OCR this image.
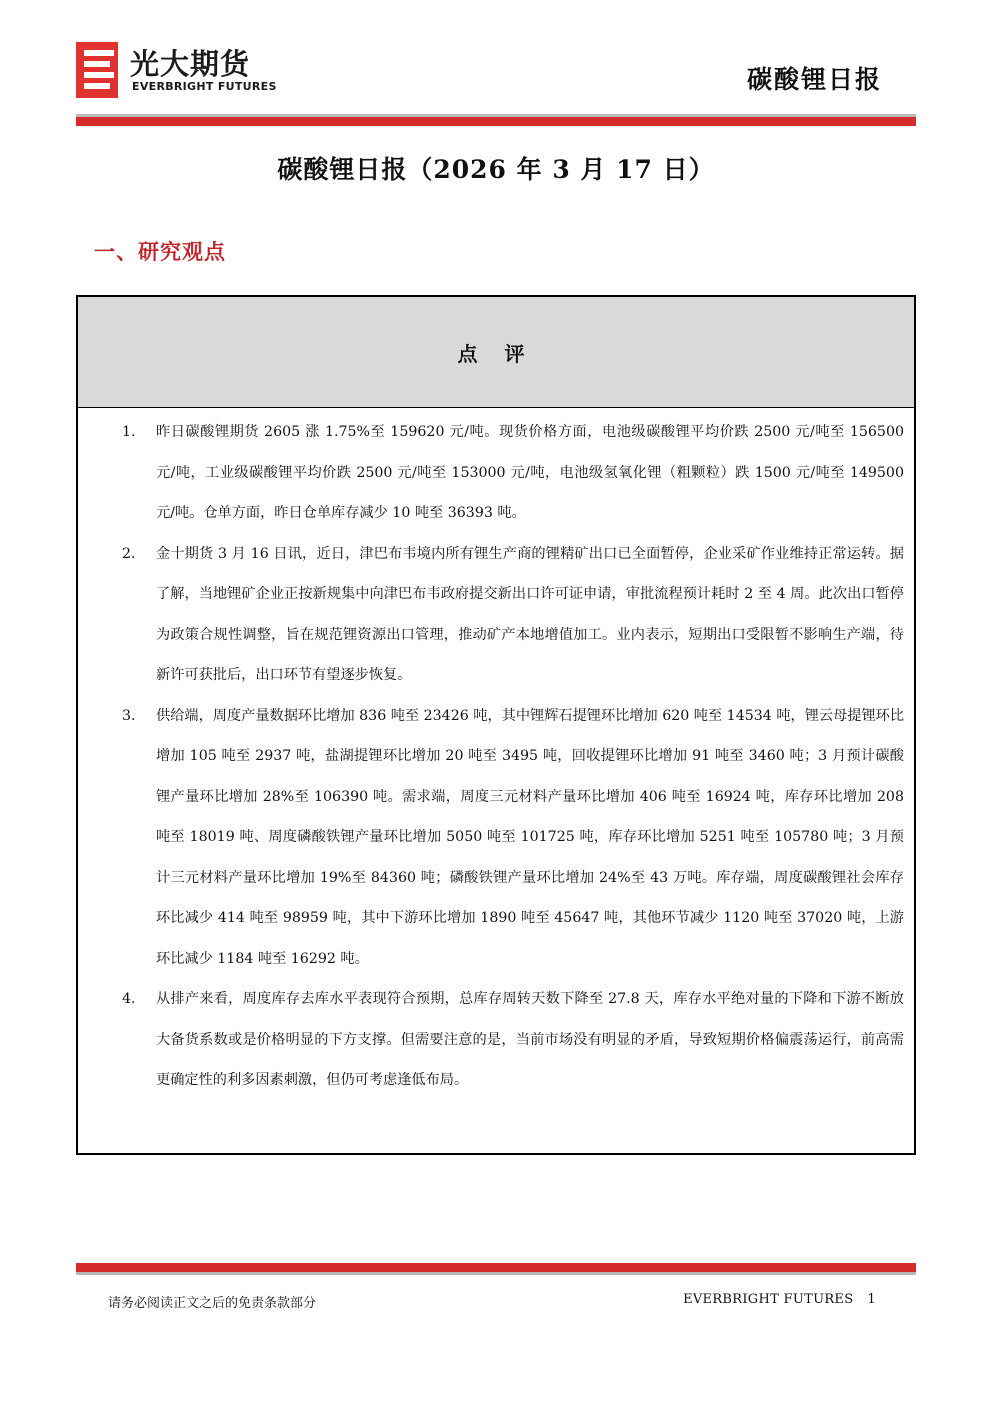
光大期货
EVERBRIGHT FUTURES	碳酸锂日报
碳酸锂日报（2026 年 3 月 17 日）
一、研究观点
点 评
1. 昨日碳酸锂期货 2605 涨 1.75%至 159620 元/吨。现货价格方面，电池级碳酸锂平均价跌 2500 元/吨至 156500 元/吨，工业级碳酸锂平均价跌 2500 元/吨至 153000 元/吨，电池级氢氧化锂（粗颗粒）跌 1500 元/吨至 149500 元/吨。仓单方面，昨日仓单库存减少 10 吨至 36393 吨。
2. 金十期货 3 月 16 日讯，近日，津巴布韦境内所有锂生产商的锂精矿出口已全面暂停，企业采矿作业维持正常运转。据了解，当地锂矿企业正按新规集中向津巴布韦政府提交新出口许可证申请，审批流程预计耗时 2 至 4 周。此次出口暂停为政策合规性调整，旨在规范锂资源出口管理，推动矿产本地增值加工。业内表示，短期出口受限暂不影响生产端，待新许可获批后，出口环节有望逐步恢复。
3. 供给端，周度产量数据环比增加 836 吨至 23426 吨，其中锂辉石提锂环比增加 620 吨至 14534 吨，锂云母提锂环比增加 105 吨至 2937 吨，盐湖提锂环比增加 20 吨至 3495 吨，回收提锂环比增加 91 吨至 3460 吨；3 月预计碳酸锂产量环比增加 28%至 106390 吨。需求端，周度三元材料产量环比增加 406 吨至 16924 吨，库存环比增加 208 吨至 18019 吨、周度磷酸铁锂产量环比增加 5050 吨至 101725 吨，库存环比增加 5251 吨至 105780 吨；3 月预计三元材料产量环比增加 19%至 84360 吨；磷酸铁锂产量环比增加 24%至 43 万吨。库存端，周度碳酸锂社会库存环比减少 414 吨至 98959 吨，其中下游环比增加 1890 吨至 45647 吨，其他环节减少 1120 吨至 37020 吨，上游环比减少 1184 吨至 16292 吨。
4. 从排产来看，周度库存去库水平表现符合预期，总库存周转天数下降至 27.8 天，库存水平绝对量的下降和下游不断放大备货系数或是价格明显的下方支撑。但需要注意的是，当前市场没有明显的矛盾，导致短期价格偏震荡运行，前高需更确定性的利多因素刺激，但仍可考虑逢低布局。
请务必阅读正文之后的免责条款部分	EVERBRIGHT FUTURES 1
